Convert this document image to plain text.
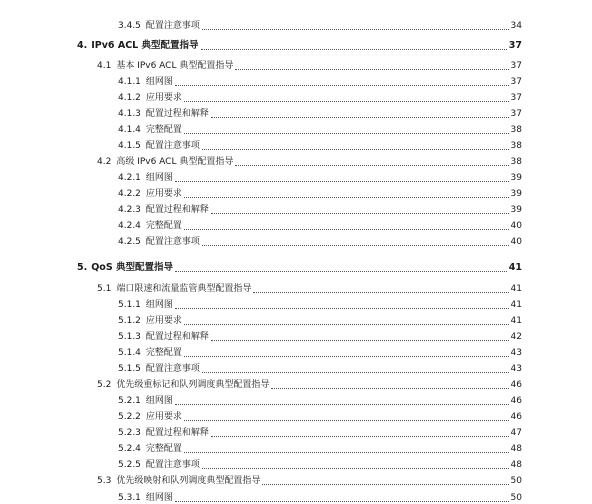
3.4.5 配置注意事项	34
4. IPv6 ACL 典型配置指导	37
4.1 基本 IPv6 ACL 典型配置指导	37
4.1.1 组网图	37
4.1.2 应用要求	37
4.1.3 配置过程和解释	37
4.1.4 完整配置	38
4.1.5 配置注意事项	38
4.2 高级 IPv6 ACL 典型配置指导	38
4.2.1 组网图	39
4.2.2 应用要求	39
4.2.3 配置过程和解释	39
4.2.4 完整配置	40
4.2.5 配置注意事项	40
5. QoS 典型配置指导	41
5.1 端口限速和流量监管典型配置指导	41
5.1.1 组网图	41
5.1.2 应用要求	41
5.1.3 配置过程和解释	42
5.1.4 完整配置	43
5.1.5 配置注意事项	43
5.2 优先级重标记和队列调度典型配置指导	46
5.2.1 组网图	46
5.2.2 应用要求	46
5.2.3 配置过程和解释	47
5.2.4 完整配置	48
5.2.5 配置注意事项	48
5.3 优先级映射和队列调度典型配置指导	50
5.3.1 组网图	50
